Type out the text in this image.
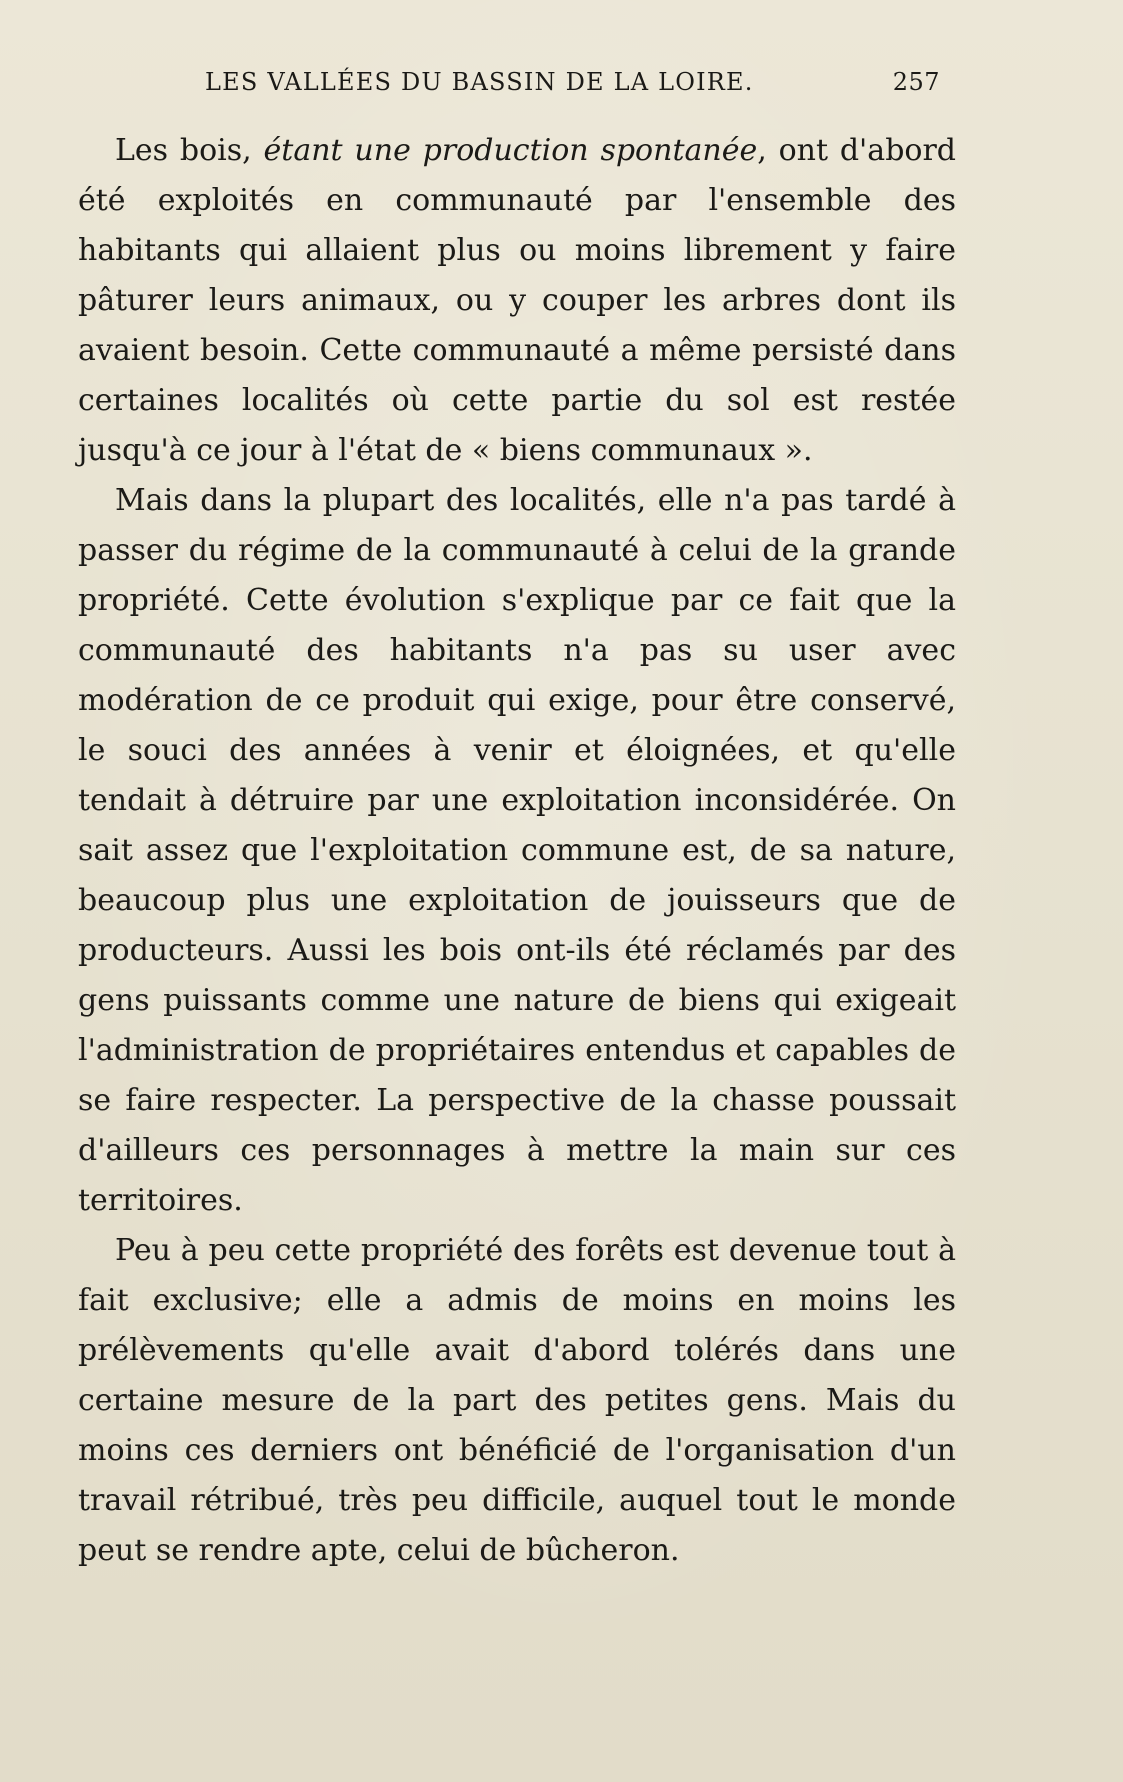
LES VALLÉES DU BASSIN DE LA LOIRE.	257

Les bois, étant une production spontanée, ont d'abord été exploités en communauté par l'ensemble des habitants qui allaient plus ou moins librement y faire pâturer leurs animaux, ou y couper les arbres dont ils avaient besoin. Cette communauté a même persisté dans certaines localités où cette partie du sol est restée jusqu'à ce jour à l'état de « biens communaux ».

Mais dans la plupart des localités, elle n'a pas tardé à passer du régime de la communauté à celui de la grande propriété. Cette évolution s'explique par ce fait que la communauté des habitants n'a pas su user avec modération de ce produit qui exige, pour être conservé, le souci des années à venir et éloignées, et qu'elle tendait à détruire par une exploitation inconsidérée. On sait assez que l'exploitation commune est, de sa nature, beaucoup plus une exploitation de jouisseurs que de producteurs. Aussi les bois ont-ils été réclamés par des gens puissants comme une nature de biens qui exigeait l'administration de propriétaires entendus et capables de se faire respecter. La perspective de la chasse poussait d'ailleurs ces personnages à mettre la main sur ces territoires.

Peu à peu cette propriété des forêts est devenue tout à fait exclusive; elle a admis de moins en moins les prélèvements qu'elle avait d'abord tolérés dans une certaine mesure de la part des petites gens. Mais du moins ces derniers ont bénéficié de l'organisation d'un travail rétribué, très peu difficile, auquel tout le monde peut se rendre apte, celui de bûcheron.
